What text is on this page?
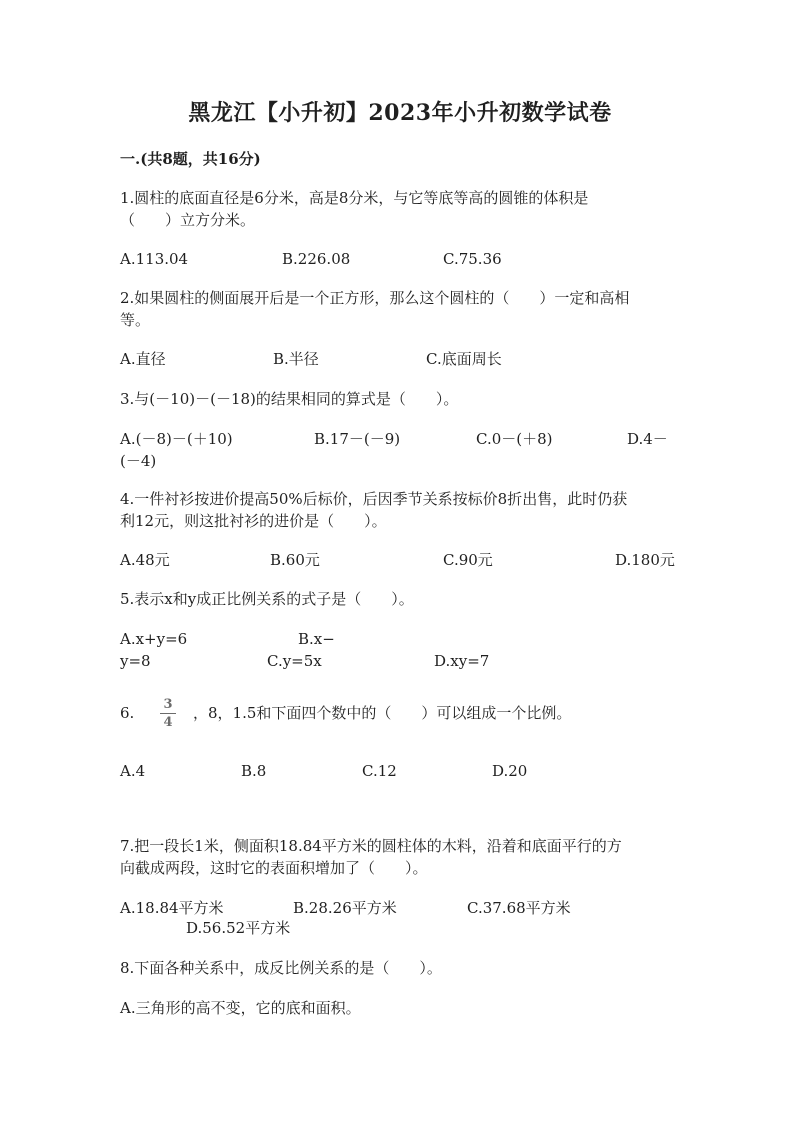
黑龙江【小升初】2023年小升初数学试卷
一.(共8题，共16分)
1.圆柱的底面直径是6分米，高是8分米，与它等底等高的圆锥的体积是
（　　）立方分米。
A.113.04	B.226.08	C.75.36
2.如果圆柱的侧面展开后是一个正方形，那么这个圆柱的（　　）一定和高相
等。
A.直径	B.半径	C.底面周长
3.与(－10)－(－18)的结果相同的算式是（　　）。
A.(－8)－(＋10)	B.17－(－9)	C.0－(＋8)	D.4－
(－4)
4.一件衬衫按进价提高50%后标价，后因季节关系按标价8折出售，此时仍获
利12元，则这批衬衫的进价是（　　）。
A.48元	B.60元	C.90元	D.180元
5.表示x和y成正比例关系的式子是（　　）。
A.x+y=6	B.x−
y=8	C.y=5x	D.xy=7
6. 3
4
，8，1.5和下面四个数中的（　　）可以组成一个比例。
A.4	B.8	C.12	D.20
7.把一段长1米，侧面积18.84平方米的圆柱体的木料，沿着和底面平行的方
向截成两段，这时它的表面积增加了（　　）。
A.18.84平方米	B.28.26平方米	C.37.68平方米
D.56.52平方米
8.下面各种关系中，成反比例关系的是（　　）。
A.三角形的高不变，它的底和面积。
